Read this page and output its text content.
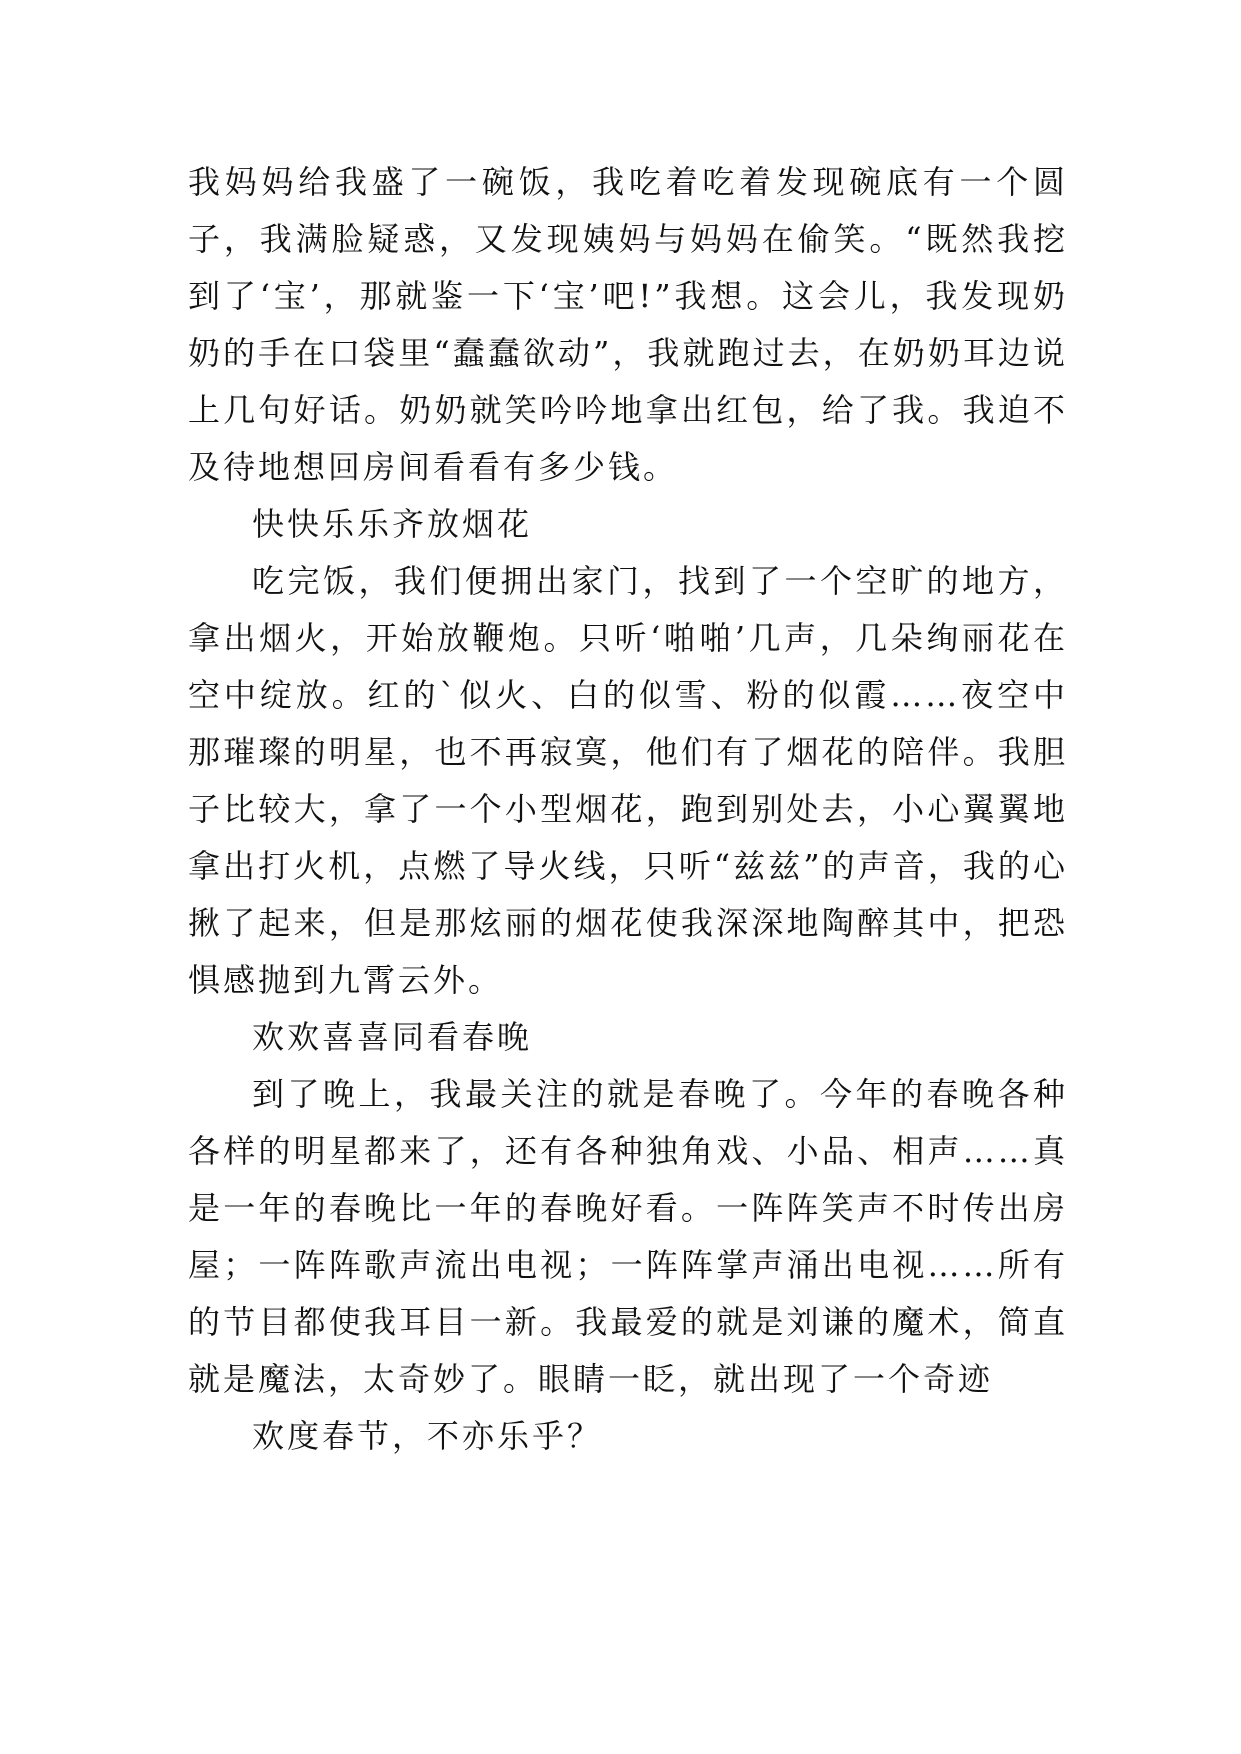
我妈妈给我盛了一碗饭，我吃着吃着发现碗底有一个圆子，我满脸疑惑，又发现姨妈与妈妈在偷笑。“既然我挖到了‘宝’，那就鉴一下‘宝’吧!”我想。这会儿，我发现奶奶的手在口袋里“蠢蠢欲动”，我就跑过去，在奶奶耳边说上几句好话。奶奶就笑吟吟地拿出红包，给了我。我迫不及待地想回房间看看有多少钱。

快快乐乐齐放烟花

吃完饭，我们便拥出家门，找到了一个空旷的地方，拿出烟火，开始放鞭炮。只听‘啪啪’几声，几朵绚丽花在空中绽放。红的`似火、白的似雪、粉的似霞……夜空中那璀璨的明星，也不再寂寞，他们有了烟花的陪伴。我胆子比较大，拿了一个小型烟花，跑到别处去，小心翼翼地拿出打火机，点燃了导火线，只听“兹兹”的声音，我的心揪了起来，但是那炫丽的烟花使我深深地陶醉其中，把恐惧感抛到九霄云外。

欢欢喜喜同看春晚

到了晚上，我最关注的就是春晚了。今年的春晚各种各样的明星都来了，还有各种独角戏、小品、相声……真是一年的春晚比一年的春晚好看。一阵阵笑声不时传出房屋；一阵阵歌声流出电视；一阵阵掌声涌出电视……所有的节目都使我耳目一新。我最爱的就是刘谦的魔术，简直就是魔法，太奇妙了。眼睛一眨，就出现了一个奇迹

欢度春节，不亦乐乎？
